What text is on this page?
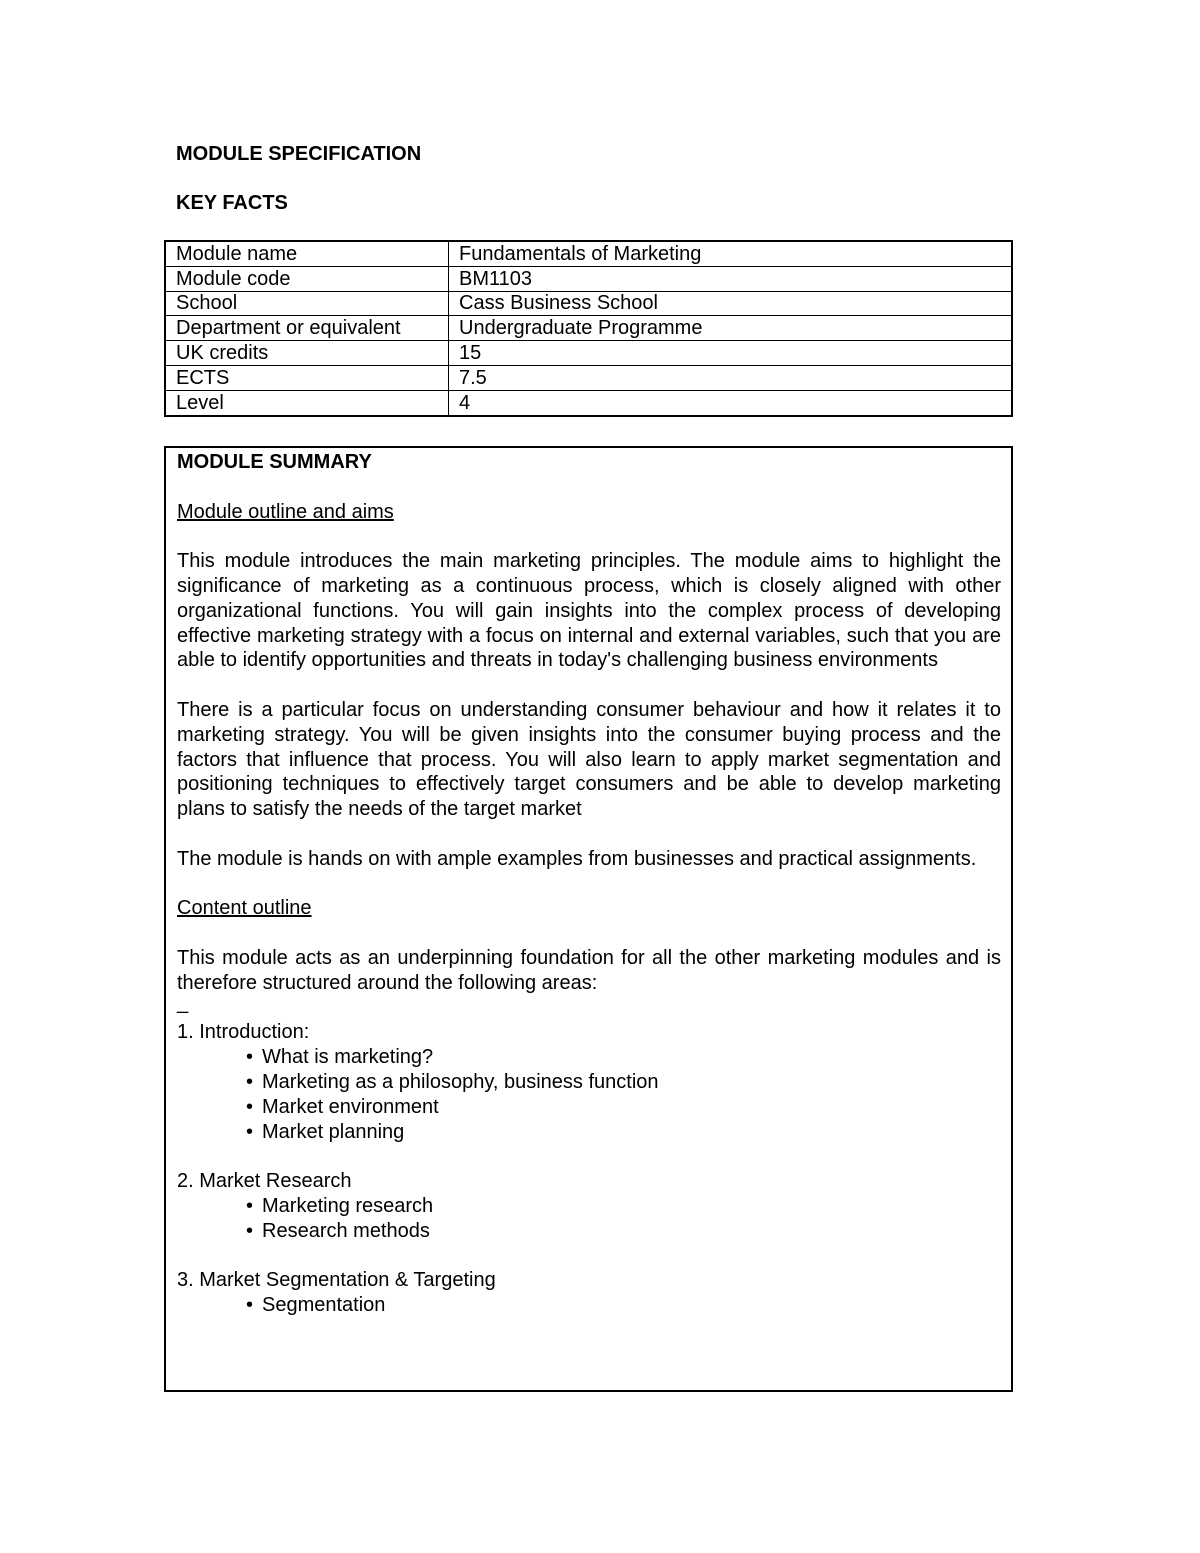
MODULE SPECIFICATION
KEY FACTS
Module name	Fundamentals of Marketing
Module code	BM1103
School	Cass Business School
Department or equivalent	Undergraduate Programme
UK credits	15
ECTS	7.5
Level	4

MODULE SUMMARY

Module outline and aims

This module introduces the main marketing principles. The module aims to highlight the significance of marketing as a continuous process, which is closely aligned with other organizational functions. You will gain insights into the complex process of developing effective marketing strategy with a focus on internal and external variables, such that you are able to identify opportunities and threats in today's challenging business environments

There is a particular focus on understanding consumer behaviour and how it relates it to marketing strategy. You will be given insights into the consumer buying process and the factors that influence that process. You will also learn to apply market segmentation and positioning techniques to effectively target consumers and be able to develop marketing plans to satisfy the needs of the target market

The module is hands on with ample examples from businesses and practical assignments.

Content outline

This module acts as an underpinning foundation for all the other marketing modules and is therefore structured around the following areas:

_

1. Introduction:

• What is marketing?
• Marketing as a philosophy, business function
• Market environment
• Market planning

2. Market Research

• Marketing research
• Research methods

3. Market Segmentation & Targeting

• Segmentation
